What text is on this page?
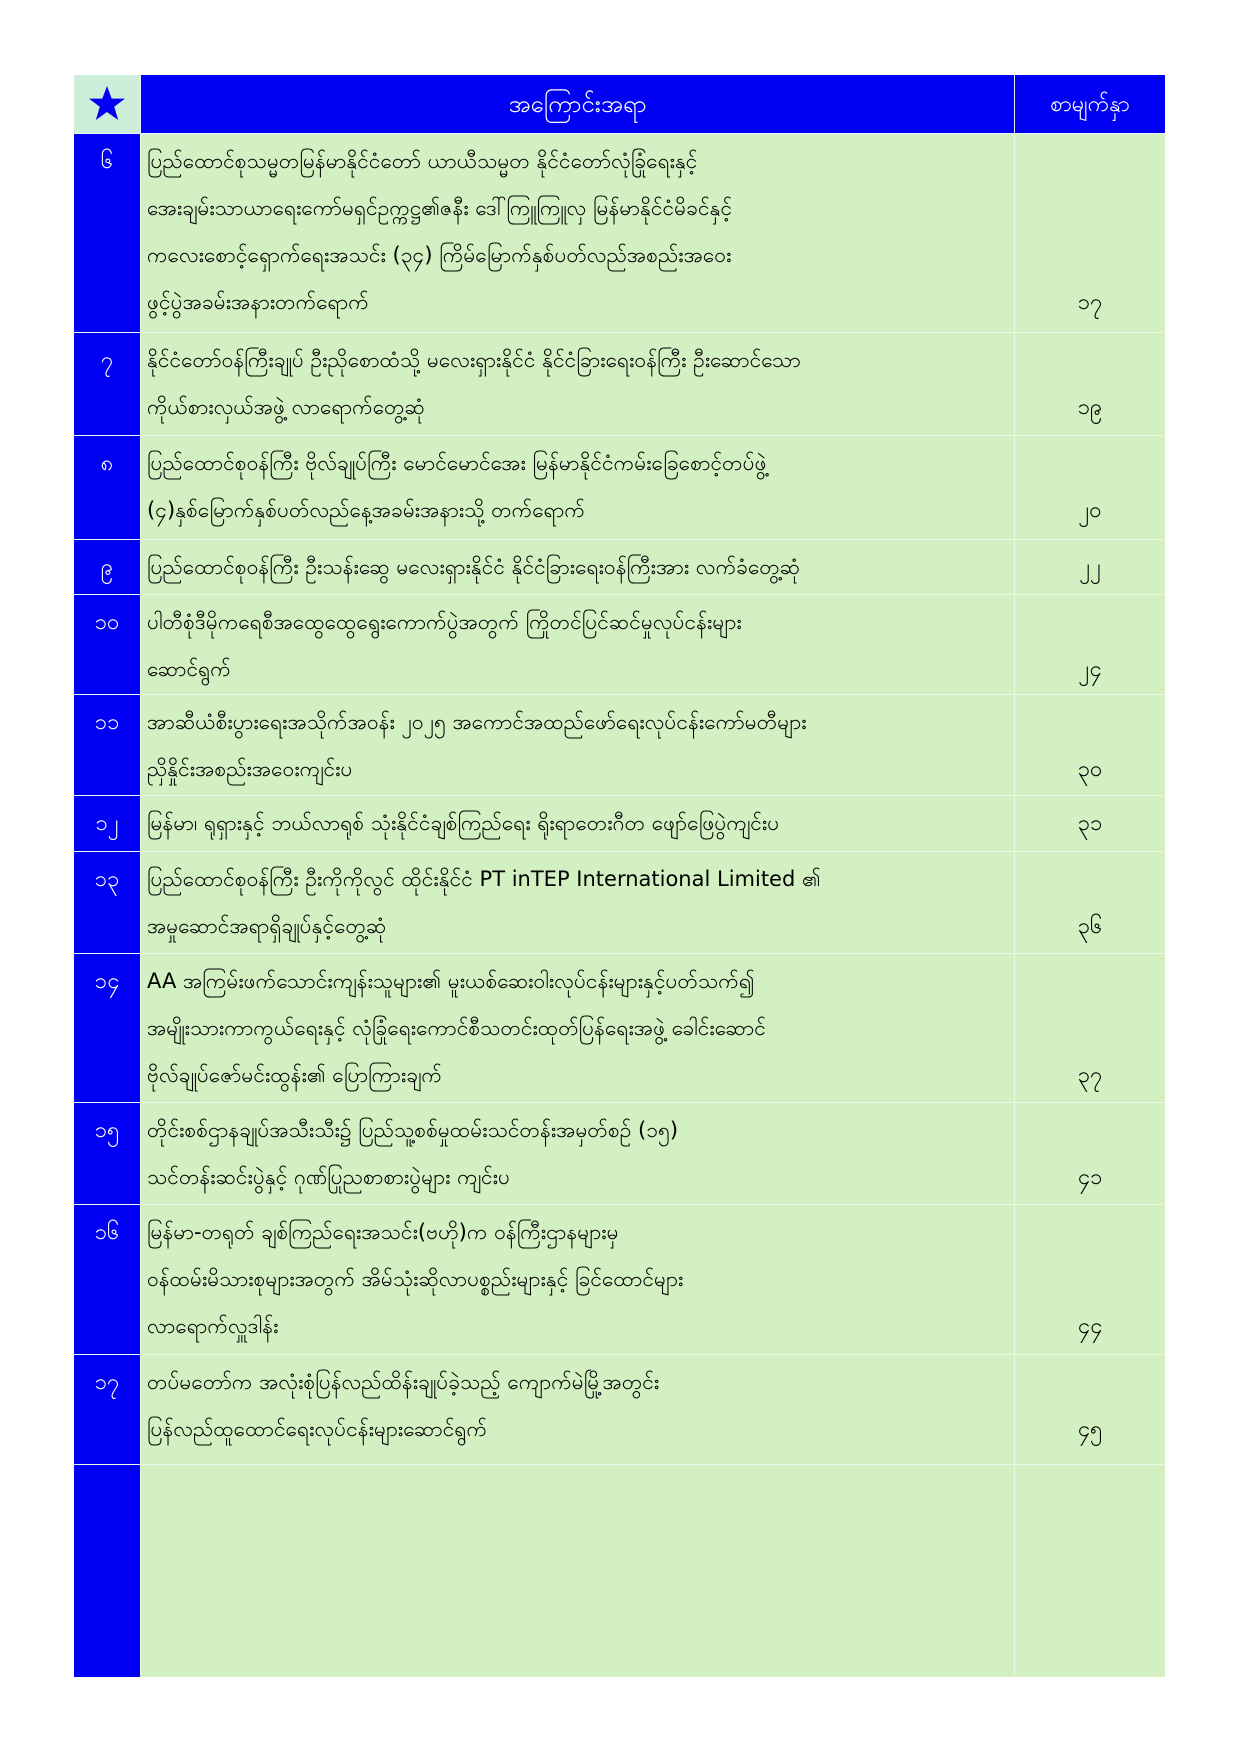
အကြောင်းအရာ	စာမျက်နှာ
၆	ပြည်ထောင်စုသမ္မတမြန်မာနိုင်ငံတော် ယာယီသမ္မတ နိုင်ငံတော်လုံခြုံရေးနှင့်
အေးချမ်းသာယာရေးကော်မရှင်ဥက္ကဋ္ဌ၏ဇနီး ဒေါ်ကြူကြူလှ မြန်မာနိုင်ငံမိခင်နှင့်
ကလေးစောင့်ရှောက်ရေးအသင်း (၃၄) ကြိမ်မြောက်နှစ်ပတ်လည်အစည်းအဝေး
ဖွင့်ပွဲအခမ်းအနားတက်ရောက်	၁၇
၇	နိုင်ငံတော်ဝန်ကြီးချုပ် ဦးညိုစောထံသို့ မလေးရှားနိုင်ငံ နိုင်ငံခြားရေးဝန်ကြီး ဦးဆောင်သော
ကိုယ်စားလှယ်အဖွဲ့ လာရောက်တွေ့ဆုံ	၁၉
၈	ပြည်ထောင်စုဝန်ကြီး ဗိုလ်ချုပ်ကြီး မောင်မောင်အေး မြန်မာနိုင်ငံကမ်းခြေစောင့်တပ်ဖွဲ့
(၄)နှစ်မြောက်နှစ်ပတ်လည်နေ့အခမ်းအနားသို့ တက်ရောက်	၂၀
၉	ပြည်ထောင်စုဝန်ကြီး ဦးသန်းဆွေ မလေးရှားနိုင်ငံ နိုင်ငံခြားရေးဝန်ကြီးအား လက်ခံတွေ့ဆုံ	၂၂
၁၀	ပါတီစုံဒီမိုကရေစီအထွေထွေရွေးကောက်ပွဲအတွက် ကြိုတင်ပြင်ဆင်မှုလုပ်ငန်းများ
ဆောင်ရွက်	၂၄
၁၁	အာဆီယံစီးပွားရေးအသိုက်အဝန်း ၂၀၂၅ အကောင်အထည်ဖော်ရေးလုပ်ငန်းကော်မတီများ
ညှိနှိုင်းအစည်းအဝေးကျင်းပ	၃၀
၁၂	မြန်မာ၊ ရုရှားနှင့် ဘယ်လာရုစ် သုံးနိုင်ငံချစ်ကြည်ရေး ရိုးရာတေးဂီတ ဖျော်ဖြေပွဲကျင်းပ	၃၁
၁၃	ပြည်ထောင်စုဝန်ကြီး ဦးကိုကိုလွင် ထိုင်းနိုင်ငံ PT inTEP International Limited ၏
အမှုဆောင်အရာရှိချုပ်နှင့်တွေ့ဆုံ	၃၆
၁၄	AA အကြမ်းဖက်သောင်းကျန်းသူများ၏ မူးယစ်ဆေးဝါးလုပ်ငန်းများနှင့်ပတ်သက်၍
အမျိုးသားကာကွယ်ရေးနှင့် လုံခြုံရေးကောင်စီသတင်းထုတ်ပြန်ရေးအဖွဲ့ ခေါင်းဆောင်
ဗိုလ်ချုပ်ဇော်မင်းထွန်း၏ ပြောကြားချက်	၃၇
၁၅	တိုင်းစစ်ဌာနချုပ်အသီးသီး၌ ပြည်သူ့စစ်မှုထမ်းသင်တန်းအမှတ်စဉ် (၁၅)
သင်တန်းဆင်းပွဲနှင့် ဂုဏ်ပြုညစာစားပွဲများ ကျင်းပ	၄၁
၁၆	မြန်မာ-တရုတ် ချစ်ကြည်ရေးအသင်း(ဗဟို)က ဝန်ကြီးဌာနများမှ
ဝန်ထမ်းမိသားစုများအတွက် အိမ်သုံးဆိုလာပစ္စည်းများနှင့် ခြင်ထောင်များ
လာရောက်လှူဒါန်း	၄၄
၁၇	တပ်မတော်က အလုံးစုံပြန်လည်ထိန်းချုပ်ခဲ့သည့် ကျောက်မဲမြို့အတွင်း
ပြန်လည်ထူထောင်ရေးလုပ်ငန်းများဆောင်ရွက်	၄၅
